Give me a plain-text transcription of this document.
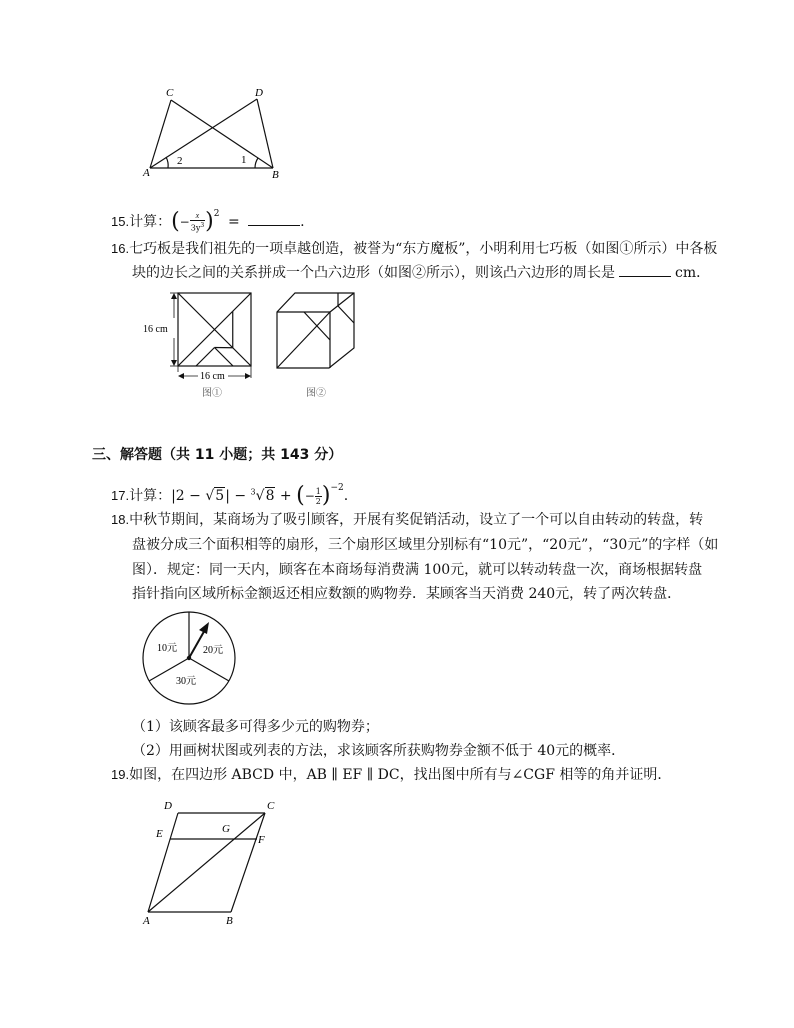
C	D
A	B
2	1
15.计算：(− $\frac{x}{3y^3} )^2$ =	.
16.七巧板是我们祖先的一项卓越创造，被誉为“东方魔板”，小明利用七巧板（如图①所示）中各板
块的边长之间的关系拼成一个凸六边形（如图②所示），则该凸六边形的周长是	cm．
16 cm
16 cm
图①	图②
三、解答题（共 11 小题；共 143 分）
17.计算：|2 − √5| − $^3$√8 + (− $\frac{1}{2} )^{-2}$.
18.中秋节期间，某商场为了吸引顾客，开展有奖促销活动，设立了一个可以自由转动的转盘，转
盘被分成三个面积相等的扇形，三个扇形区域里分别标有“10元”，“20元”，“30元”的字样（如
图）．规定：同一天内，顾客在本商场每消费满 100元，就可以转动转盘一次，商场根据转盘
指针指向区域所标金额返还相应数额的购物券．某顾客当天消费 240元，转了两次转盘．
10元	20元
30元
（1）该顾客最多可得多少元的购物券；
（2）用画树状图或列表的方法，求该顾客所获购物券金额不低于 40元的概率．
19.如图，在四边形 ABCD 中，AB ∥ EF ∥ DC，找出图中所有与∠CGF 相等的角并证明．
D	C
E	G
F
A	B
